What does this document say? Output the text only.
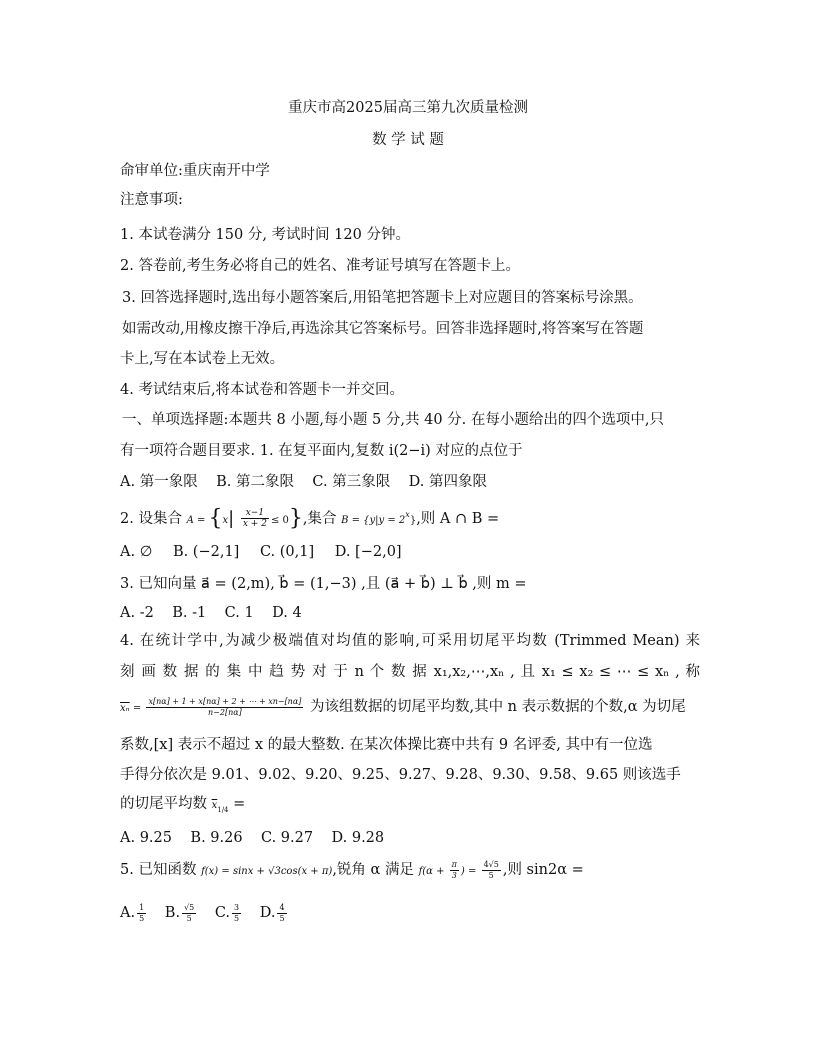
重庆市高2025届高三第九次质量检测
数 学 试 题
命审单位:重庆南开中学
注意事项:
1. 本试卷满分 150 分, 考试时间 120 分钟。
2. 答卷前,考生务必将自己的姓名、准考证号填写在答题卡上。
3. 回答选择题时,选出每小题答案后,用铅笔把答题卡上对应题目的答案标号涂黑。
如需改动,用橡皮擦干净后,再选涂其它答案标号。回答非选择题时,将答案写在答题
卡上,写在本试卷上无效。
4. 考试结束后,将本试卷和答题卡一并交回。
一、单项选择题:本题共 8 小题,每小题 5 分,共 40 分. 在每小题给出的四个选项中,只
有一项符合题目要求. 1. 在复平面内,复数 i(2−i) 对应的点位于
A. 第一象限    B. 第二象限    C. 第三象限    D. 第四象限
2. 设集合 $A = \{x| \frac{x-1}{x + 2} \le 0\}$,集合 $B = \{y|y = 2^x\}$,则 A ∩ B =
A. ∅ B. (−2,1] C. (0,1] D. [−2,0]
3. 已知向量 a⃗ = (2,m), b⃗ = (1,−3) ,且 (a⃗ + b⃗) ⊥ b⃗ ,则 m =
A. -2    B. -1    C. 1    D. 4
4. 在统计学中,为减少极端值对均值的影响,可采用切尾平均数 (Trimmed Mean) 来
刻 画 数 据 的 集 中 趋 势 对 于 n 个 数 据 x₁,x₂,⋯,xₙ , 且 x₁ ≤ x₂ ≤ ⋯ ≤ xₙ , 称
$\overline{x_n} = \frac{x[n\alpha] + 1 + x[n\alpha] + 2 + \cdots + xn-[n\alpha]}{n-2[n\alpha]}$ 为该组数据的切尾平均数,其中 n 表示数据的个数,α 为切尾
系数,[x] 表示不超过 x 的最大整数. 在某次体操比赛中共有 9 名评委, 其中有一位选
手得分依次是 9.01、9.02、9.20、9.25、9.27、9.28、9.30、9.58、9.65 则该选手
的切尾平均数 $\overline{x}_{1/4}$ =
A. 9.25    B. 9.26    C. 9.27    D. 9.28
5. 已知函数 f(x) = sinx + √3cos(x + π),锐角 α 满足 $f(\alpha + \frac{\pi}{3}$ ) = $\frac{4√5}{5}$ ,则 sin2α =
A. $\frac{1}{5} B$. $\frac{√5}{5} C$. $\frac{3}{5} D$. $\frac{4}{5}$
